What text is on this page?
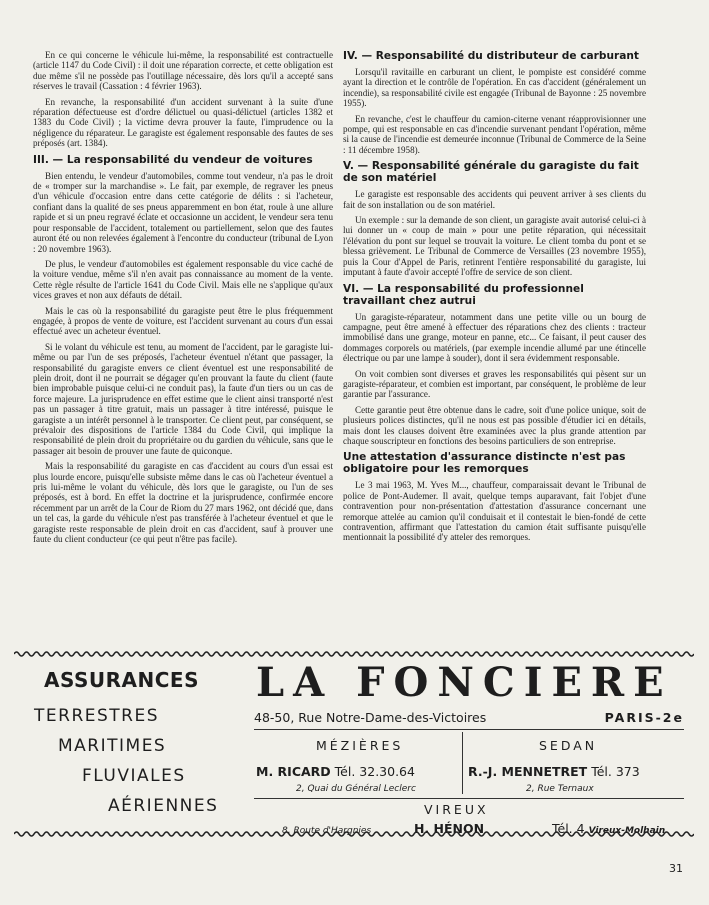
En ce qui concerne le véhicule lui-même, la responsabilité est contractuelle (article 1147 du Code Civil) : il doit une réparation correcte, et cette obligation est due même s'il ne possède pas l'outillage nécessaire, dès lors qu'il a accepté sans réserves le travail (Cassation : 4 février 1963).

En revanche, la responsabilité d'un accident survenant à la suite d'une réparation défectueuse est d'ordre délictuel ou quasi-délictuel (articles 1382 et 1383 du Code Civil) ; la victime devra prouver la faute, l'imprudence ou la négligence du réparateur. Le garagiste est également responsable des fautes de ses préposés (art. 1384).

III. — La responsabilité du vendeur de voitures

Bien entendu, le vendeur d'automobiles, comme tout vendeur, n'a pas le droit de « tromper sur la marchandise ». Le fait, par exemple, de regraver les pneus d'un véhicule d'occasion entre dans cette catégorie de délits : si l'acheteur, confiant dans la qualité de ses pneus apparemment en bon état, roule à une allure rapide et si un pneu regravé éclate et occasionne un accident, le vendeur sera tenu pour responsable de l'accident, totalement ou partiellement, selon que des fautes auront été ou non relevées également à l'encontre du conducteur (tribunal de Lyon : 20 novembre 1963).

De plus, le vendeur d'automobiles est également responsable du vice caché de la voiture vendue, même s'il n'en avait pas connaissance au moment de la vente. Cette règle résulte de l'article 1641 du Code Civil. Mais elle ne s'applique qu'aux vices graves et non aux défauts de détail.

Mais le cas où la responsabilité du garagiste peut être le plus fréquemment engagée, à propos de vente de voiture, est l'accident survenant au cours d'un essai effectué avec un acheteur éventuel.

Si le volant du véhicule est tenu, au moment de l'accident, par le garagiste lui-même ou par l'un de ses préposés, l'acheteur éventuel n'étant que passager, la responsabilité du garagiste envers ce client éventuel est une responsabilité de plein droit, dont il ne pourrait se dégager qu'en prouvant la faute du client (faute bien improbable puisque celui-ci ne conduit pas), la faute d'un tiers ou un cas de force majeure. La jurisprudence en effet estime que le client ainsi transporté n'est pas un passager à titre gratuit, mais un passager à titre intéressé, puisque le garagiste a un intérêt personnel à le transporter. Ce client peut, par conséquent, se prévaloir des dispositions de l'article 1384 du Code Civil, qui implique la responsabilité de plein droit du propriétaire ou du gardien du véhicule, sans que le passager ait besoin de prouver une faute de quiconque.

Mais la responsabilité du garagiste en cas d'accident au cours d'un essai est plus lourde encore, puisqu'elle subsiste même dans le cas où l'acheteur éventuel a pris lui-même le volant du véhicule, dès lors que le garagiste, ou l'un de ses préposés, est à bord. En effet la doctrine et la jurisprudence, confirmée encore récemment par un arrêt de la Cour de Riom du 27 mars 1962, ont décidé que, dans un tel cas, la garde du véhicule n'est pas transférée à l'acheteur éventuel et que le garagiste reste responsable de plein droit en cas d'accident, sauf à prouver une faute du client conducteur (ce qui peut n'être pas facile).

IV. — Responsabilité du distributeur de carburant

Lorsqu'il ravitaille en carburant un client, le pompiste est considéré comme ayant la direction et le contrôle de l'opération. En cas d'accident (généralement un incendie), sa responsabilité civile est engagée (Tribunal de Bayonne : 25 novembre 1955).

En revanche, c'est le chauffeur du camion-citerne venant réapprovisionner une pompe, qui est responsable en cas d'incendie survenant pendant l'opération, même si la cause de l'incendie est demeurée inconnue (Tribunal de Commerce de la Seine : 11 décembre 1958).

V. — Responsabilité générale du garagiste du fait de son matériel

Le garagiste est responsable des accidents qui peuvent arriver à ses clients du fait de son installation ou de son matériel.

Un exemple : sur la demande de son client, un garagiste avait autorisé celui-ci à lui donner un « coup de main » pour une petite réparation, qui nécessitait l'élévation du pont sur lequel se trouvait la voiture. Le client tomba du pont et se blessa grièvement. Le Tribunal de Commerce de Versailles (23 novembre 1955), puis la Cour d'Appel de Paris, retinrent l'entière responsabilité du garagiste, lui imputant à faute d'avoir accepté l'offre de service de son client.

VI. — La responsabilité du professionnel travaillant chez autrui

Un garagiste-réparateur, notamment dans une petite ville ou un bourg de campagne, peut être amené à effectuer des réparations chez des clients : tracteur immobilisé dans une grange, moteur en panne, etc... Ce faisant, il peut causer des dommages corporels ou matériels, (par exemple incendie allumé par une étincelle électrique ou par une lampe à souder), dont il sera évidemment responsable.

On voit combien sont diverses et graves les responsabilités qui pèsent sur un garagiste-réparateur, et combien est important, par conséquent, le problème de leur garantie par l'assurance.

Cette garantie peut être obtenue dans le cadre, soit d'une police unique, soit de plusieurs polices distinctes, qu'il ne nous est pas possible d'étudier ici en détails, mais dont les clauses doivent être examinées avec la plus grande attention par chaque souscripteur en fonctions des besoins particuliers de son entreprise.

Une attestation d'assurance distincte n'est pas obligatoire pour les remorques

Le 3 mai 1963, M. Yves M..., chauffeur, comparaissait devant le Tribunal de police de Pont-Audemer. Il avait, quelque temps auparavant, fait l'objet d'une contravention pour non-présentation d'attestation d'assurance concernant une remorque attelée au camion qu'il conduisait et il contestait le bien-fondé de cette contravention, affirmant que l'attestation du camion était suffisante puisqu'elle mentionnait la possibilité d'y atteler des remorques.

ASSURANCES
TERRESTRES
MARITIMES
FLUVIALES
AÉRIENNES
LA FONCIERE
48-50, Rue Notre-Dame-des-Victoires	PARIS-2e
MÉZIÈRES	SEDAN
M. RICARD Tél. 32.30.64	R.-J. MENNETRET Tél. 373
2, Quai du Général Leclerc	2, Rue Ternaux
VIREUX
8, Route d'Hargnies	H. HÉNON	Tél. 4 Vireux-Molhain
31
